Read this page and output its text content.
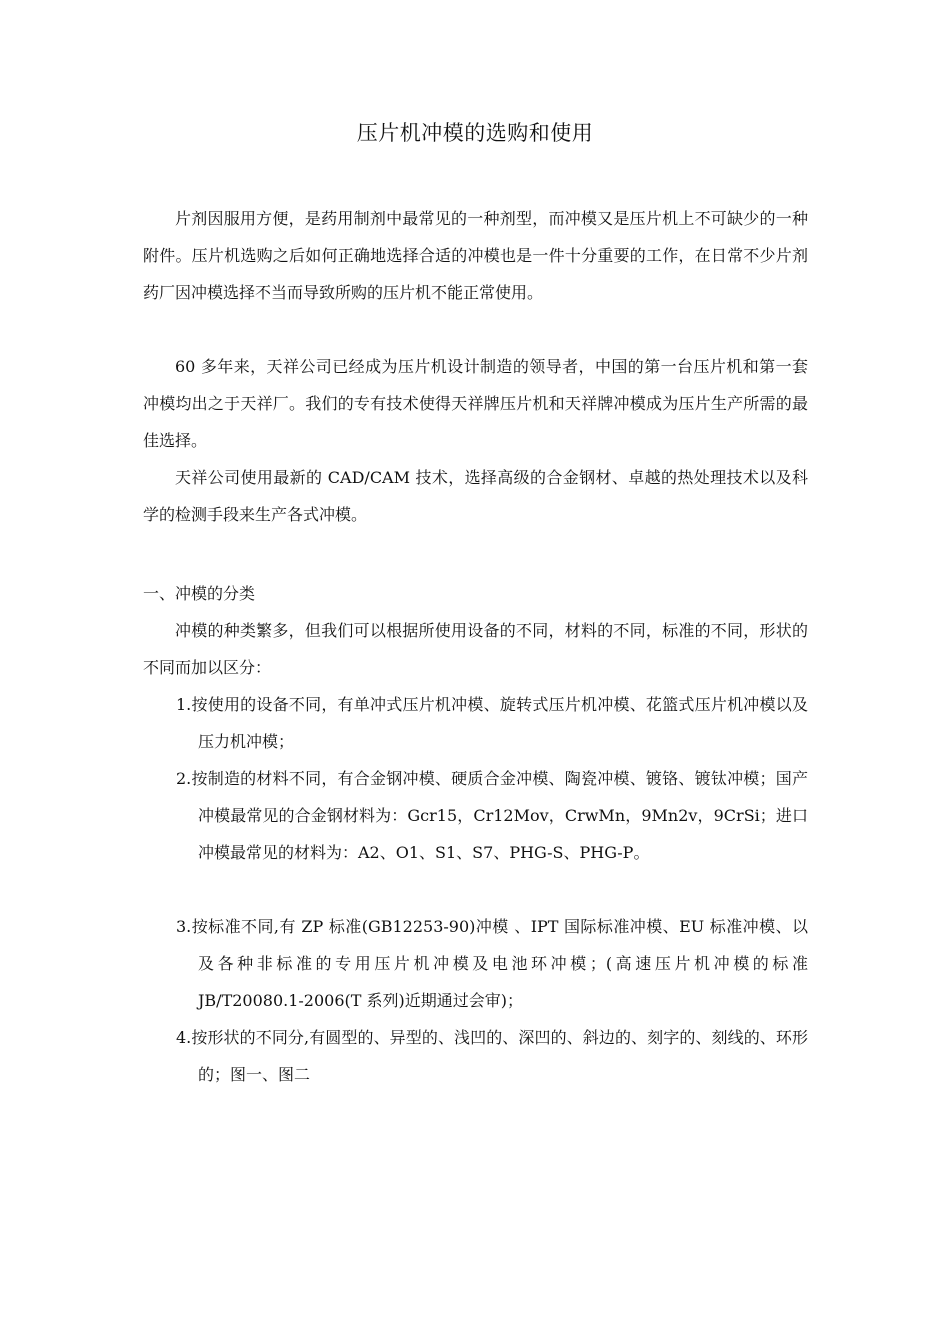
压片机冲模的选购和使用

片剂因服用方便，是药用制剂中最常见的一种剂型，而冲模又是压片机上不可缺少的一种附件。压片机选购之后如何正确地选择合适的冲模也是一件十分重要的工作，在日常不少片剂药厂因冲模选择不当而导致所购的压片机不能正常使用。

60 多年来，天祥公司已经成为压片机设计制造的领导者，中国的第一台压片机和第一套冲模均出之于天祥厂。我们的专有技术使得天祥牌压片机和天祥牌冲模成为压片生产所需的最佳选择。

天祥公司使用最新的 CAD/CAM 技术，选择高级的合金钢材、卓越的热处理技术以及科学的检测手段来生产各式冲模。

一、冲模的分类

冲模的种类繁多，但我们可以根据所使用设备的不同，材料的不同，标准的不同，形状的不同而加以区分：

1.按使用的设备不同，有单冲式压片机冲模、旋转式压片机冲模、花篮式压片机冲模以及压力机冲模；

2.按制造的材料不同，有合金钢冲模、硬质合金冲模、陶瓷冲模、镀铬、镀钛冲模；国产冲模最常见的合金钢材料为：Gcr15，Cr12Mov，CrwMn，9Mn2v，9CrSi；进口冲模最常见的材料为：A2、O1、S1、S7、PHG-S、PHG-P。

3.按标准不同,有 ZP 标准(GB12253-90)冲模 、IPT 国际标准冲模、EU 标准冲模、以及各种非标准的专用压片机冲模及电池环冲模；(高速压片机冲模的标准 JB/T20080.1-2006(T 系列)近期通过会审)；

4.按形状的不同分,有圆型的、异型的、浅凹的、深凹的、斜边的、刻字的、刻线的、环形的；图一、图二
